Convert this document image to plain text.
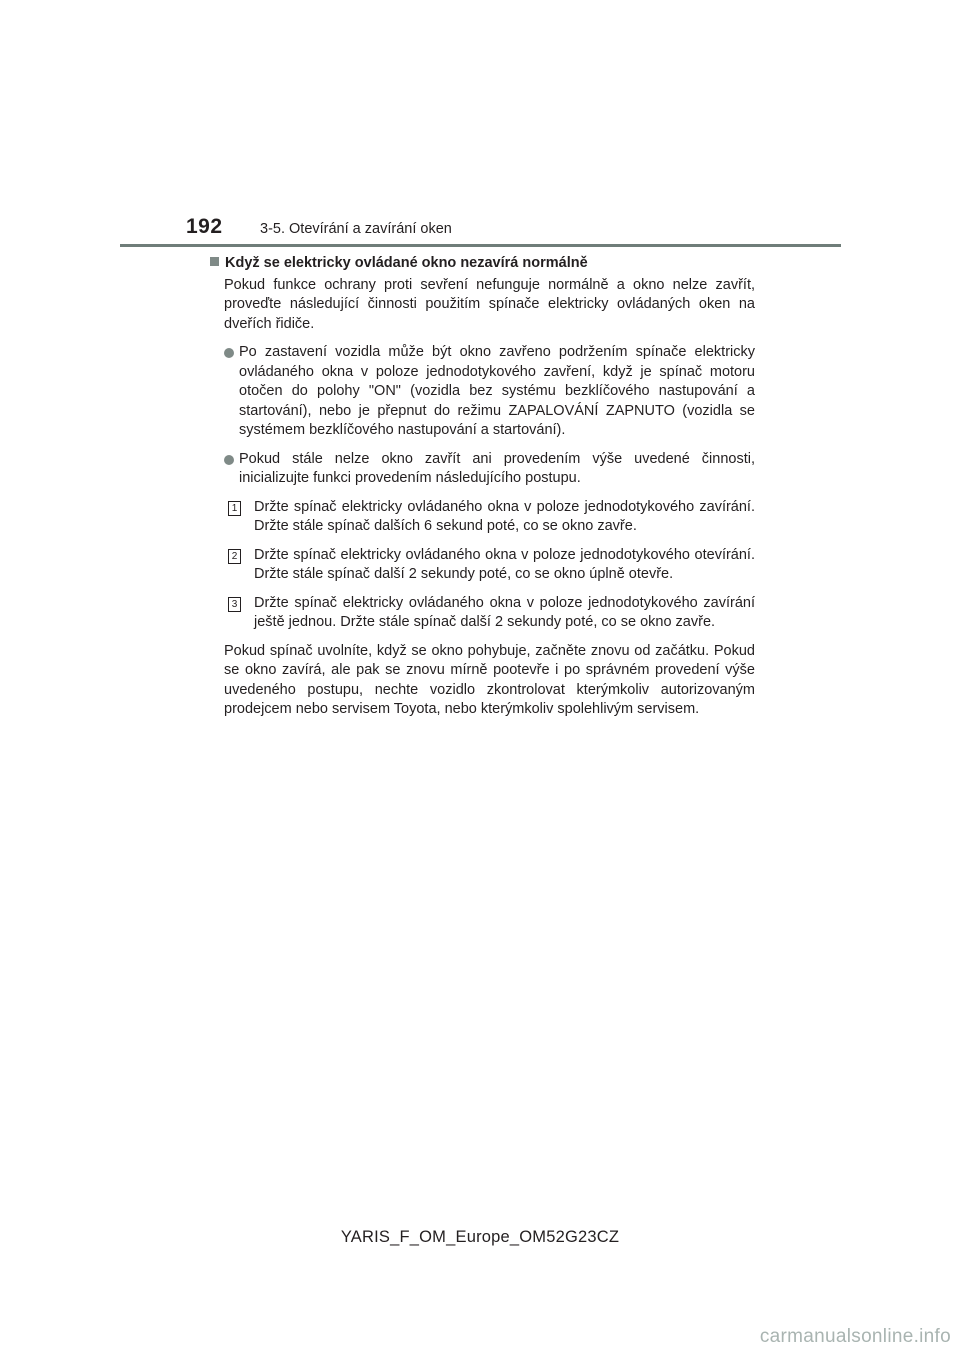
192	3-5. Otevírání a zavírání oken
Když se elektricky ovládané okno nezavírá normálně
Pokud funkce ochrany proti sevření nefunguje normálně a okno nelze zavřít, proveďte následující činnosti použitím spínače elektricky ovládaných oken na dveřích řidiče.
Po zastavení vozidla může být okno zavřeno podržením spínače elektricky ovládaného okna v poloze jednodotykového zavření, když je spínač motoru otočen do polohy "ON" (vozidla bez systému bezklíčového nastupování a startování), nebo je přepnut do režimu ZAPALOVÁNÍ ZAPNUTO (vozidla se systémem bezklíčového nastupování a startování).
Pokud stále nelze okno zavřít ani provedením výše uvedené činnosti, inicializujte funkci provedením následujícího postupu.
1 Držte spínač elektricky ovládaného okna v poloze jednodotykového zavírání. Držte stále spínač dalších 6 sekund poté, co se okno zavře.
2 Držte spínač elektricky ovládaného okna v poloze jednodotykového otevírání. Držte stále spínač další 2 sekundy poté, co se okno úplně otevře.
3 Držte spínač elektricky ovládaného okna v poloze jednodotykového zavírání ještě jednou. Držte stále spínač další 2 sekundy poté, co se okno zavře.
Pokud spínač uvolníte, když se okno pohybuje, začněte znovu od začátku. Pokud se okno zavírá, ale pak se znovu mírně pootevře i po správném provedení výše uvedeného postupu, nechte vozidlo zkontrolovat kterýmkoliv autorizovaným prodejcem nebo servisem Toyota, nebo kterýmkoliv spolehlivým servisem.
YARIS_F_OM_Europe_OM52G23CZ
carmanualsonline.info
